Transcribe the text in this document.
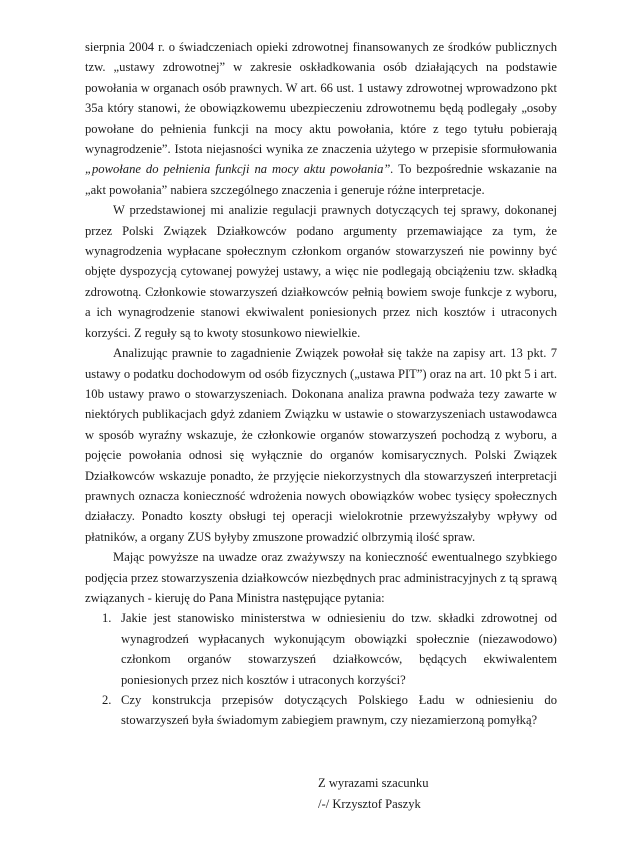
sierpnia 2004 r. o świadczeniach opieki zdrowotnej finansowanych ze środków publicznych tzw. „ustawy zdrowotnej” w zakresie oskładkowania osób działających na podstawie powołania w organach osób prawnych. W art. 66 ust. 1 ustawy zdrowotnej wprowadzono pkt 35a który stanowi, że obowiązkowemu ubezpieczeniu zdrowotnemu będą podlegały „osoby powołane do pełnienia funkcji na mocy aktu powołania, które z tego tytułu pobierają wynagrodzenie”. Istota niejasności wynika ze znaczenia użytego w przepisie sformułowania „powołane do pełnienia funkcji na mocy aktu powołania”. To bezpośrednie wskazanie na „akt powołania” nabiera szczególnego znaczenia i generuje różne interpretacje.

W przedstawionej mi analizie regulacji prawnych dotyczących tej sprawy, dokonanej przez Polski Związek Działkowców podano argumenty przemawiające za tym, że wynagrodzenia wypłacane społecznym członkom organów stowarzyszeń nie powinny być objęte dyspozycją cytowanej powyżej ustawy, a więc nie podlegają obciążeniu tzw. składką zdrowotną. Członkowie stowarzyszeń działkowców pełnią bowiem swoje funkcje z wyboru, a ich wynagrodzenie stanowi ekwiwalent poniesionych przez nich kosztów i utraconych korzyści. Z reguły są to kwoty stosunkowo niewielkie.

Analizując prawnie to zagadnienie Związek powołał się także na zapisy art. 13 pkt. 7 ustawy o podatku dochodowym od osób fizycznych („ustawa PIT”) oraz na art. 10 pkt 5 i art. 10b ustawy prawo o stowarzyszeniach. Dokonana analiza prawna podważa tezy zawarte w niektórych publikacjach gdyż zdaniem Związku w ustawie o stowarzyszeniach ustawodawca w sposób wyraźny wskazuje, że członkowie organów stowarzyszeń pochodzą z wyboru, a pojęcie powołania odnosi się wyłącznie do organów komisarycznych. Polski Związek Działkowców wskazuje ponadto, że przyjęcie niekorzystnych dla stowarzyszeń interpretacji prawnych oznacza konieczność wdrożenia nowych obowiązków wobec tysięcy społecznych działaczy. Ponadto koszty obsługi tej operacji wielokrotnie przewyższałyby wpływy od płatników, a organy ZUS byłyby zmuszone prowadzić olbrzymią ilość spraw.

Mając powyższe na uwadze oraz zważywszy na konieczność ewentualnego szybkiego podjęcia przez stowarzyszenia działkowców niezbędnych prac administracyjnych z tą sprawą związanych - kieruję do Pana Ministra następujące pytania:

1. Jakie jest stanowisko ministerstwa w odniesieniu do tzw. składki zdrowotnej od wynagrodzeń wypłacanych wykonującym obowiązki społecznie (niezawodowo) członkom organów stowarzyszeń działkowców, będących ekwiwalentem poniesionych przez nich kosztów i utraconych korzyści?
2. Czy konstrukcja przepisów dotyczących Polskiego Ładu w odniesieniu do stowarzyszeń była świadomym zabiegiem prawnym, czy niezamierzoną pomyłką?
Z wyrazami szacunku
/-/ Krzysztof Paszyk
